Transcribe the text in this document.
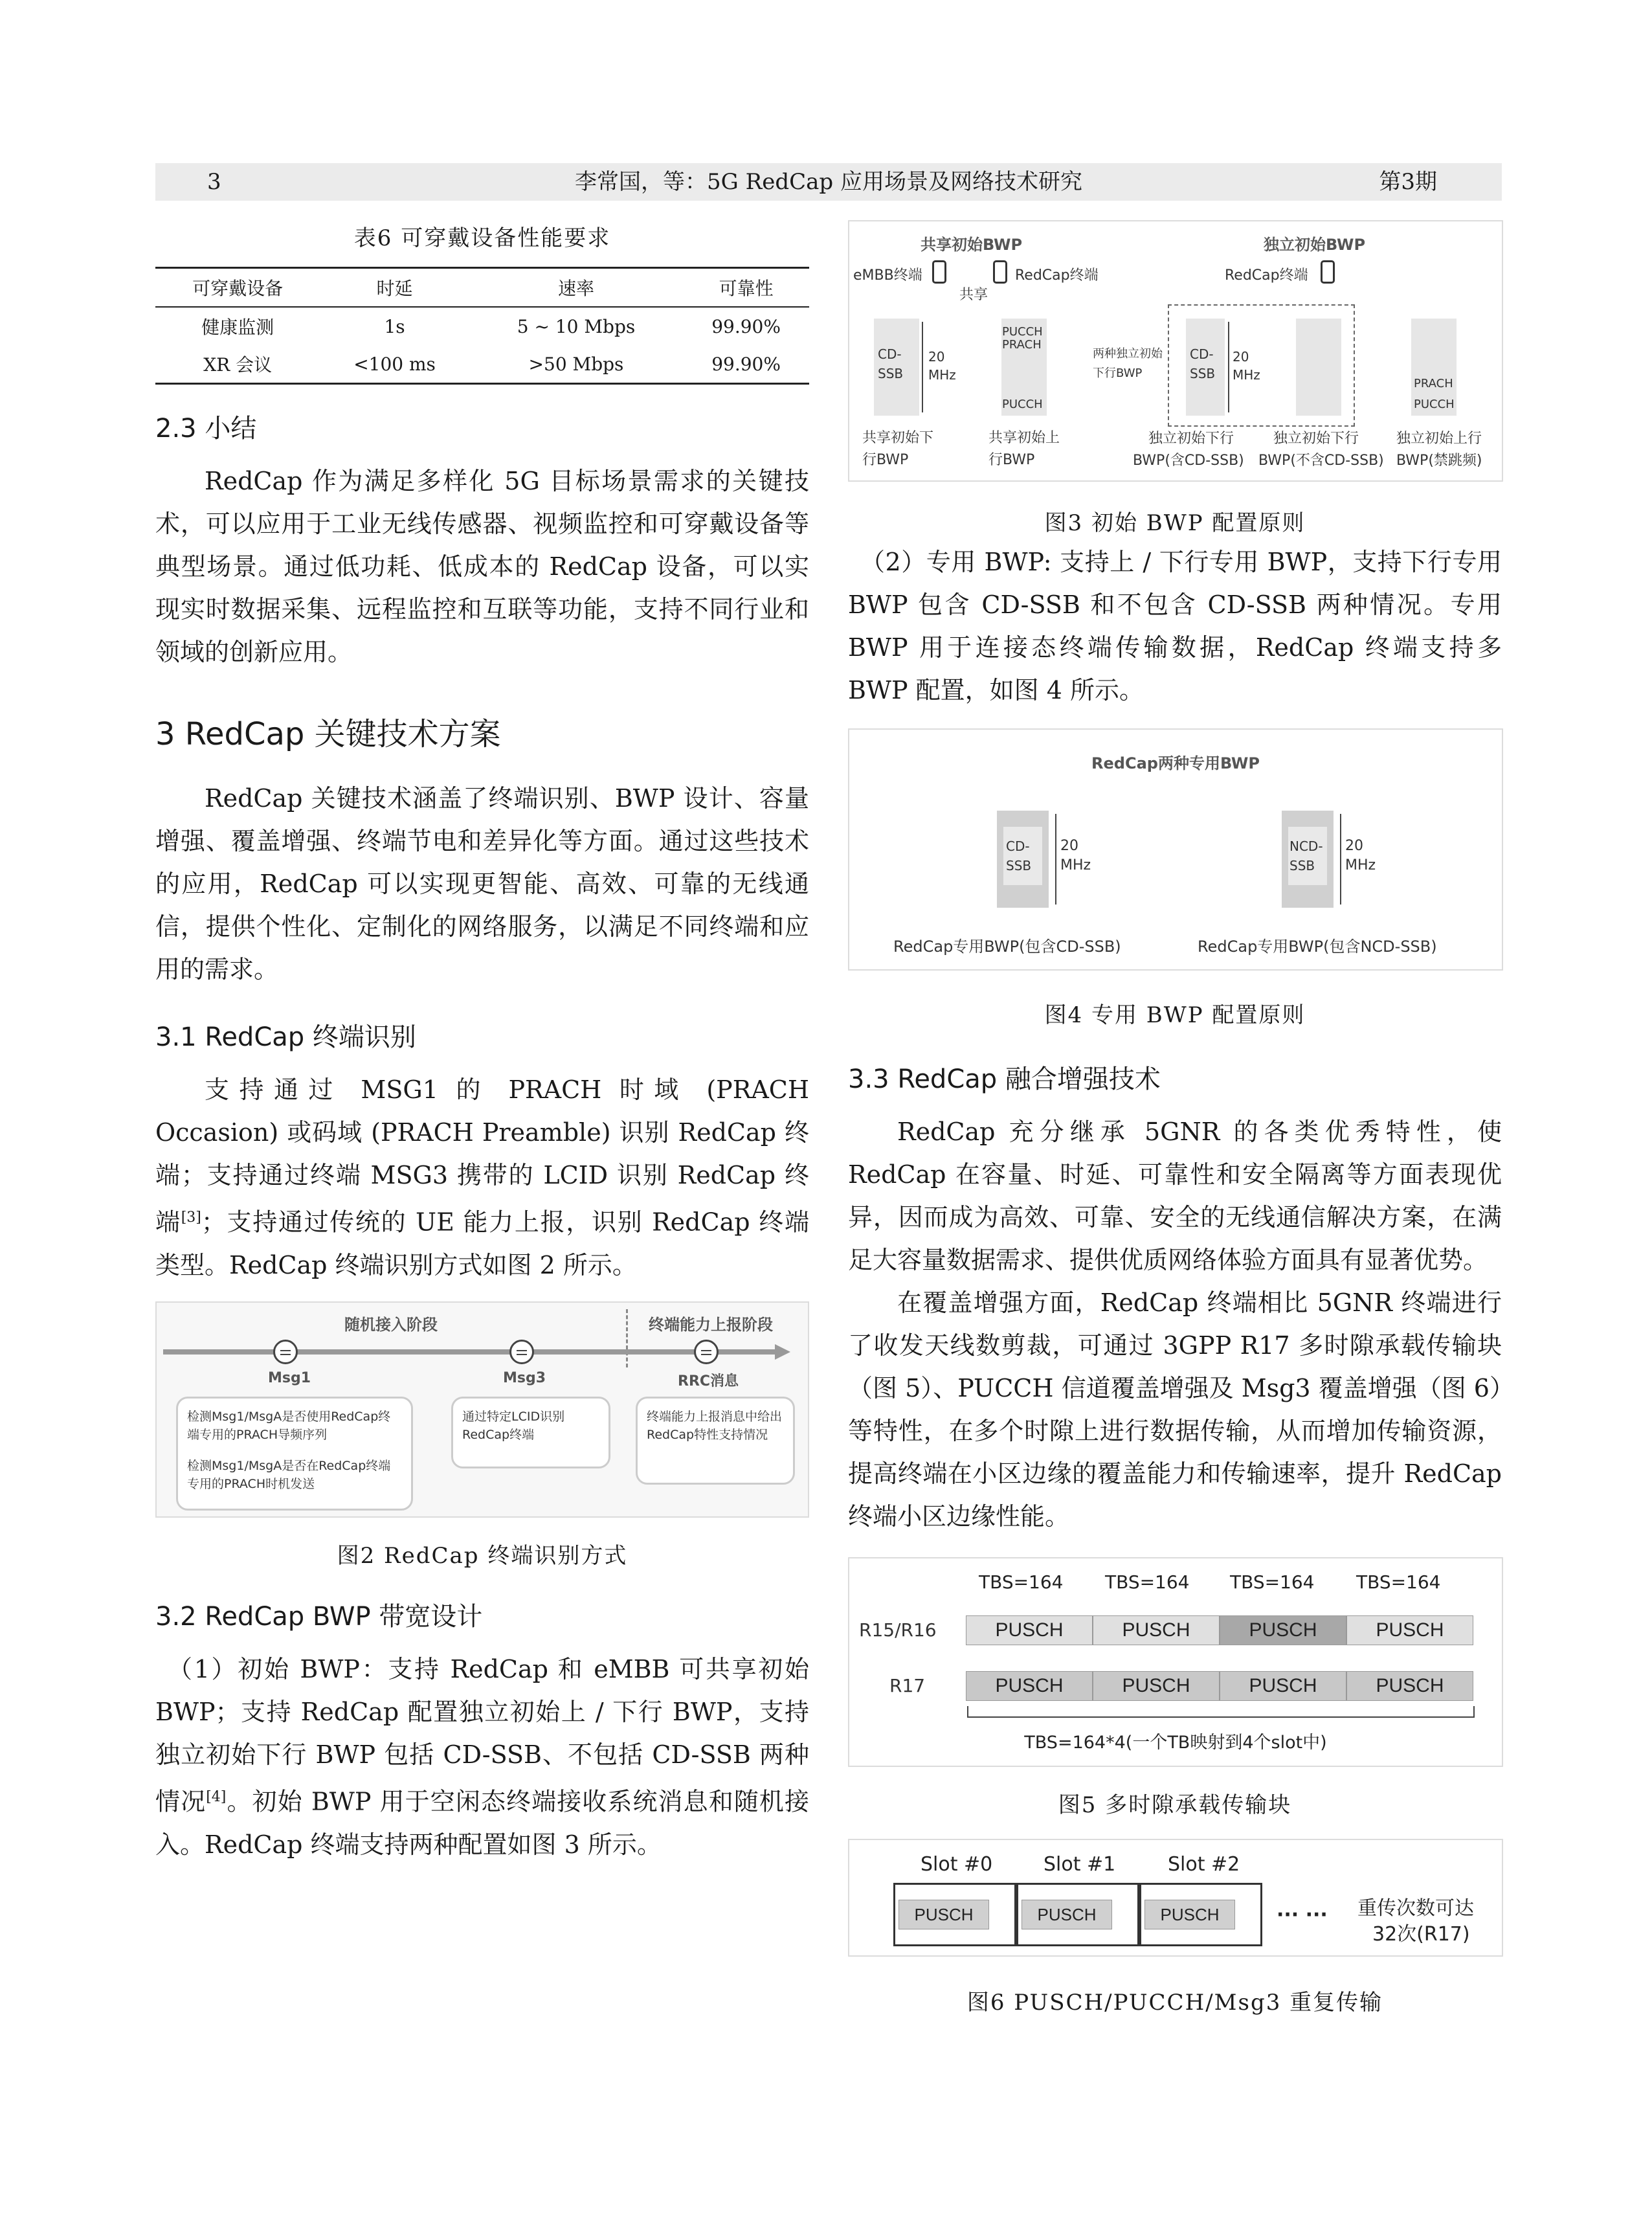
3	李常国，等：5G RedCap 应用场景及网络技术研究	第3期
表6 可穿戴设备性能要求
可穿戴设备	时延	速率	可靠性
健康监测	1s	5 ~ 10 Mbps	99.90%
XR 会议	<100 ms	>50 Mbps	99.90%
2.3 小结

RedCap 作为满足多样化 5G 目标场景需求的关键技术，可以应用于工业无线传感器、视频监控和可穿戴设备等典型场景。通过低功耗、低成本的 RedCap 设备，可以实现实时数据采集、远程监控和互联等功能，支持不同行业和领域的创新应用。

3 RedCap 关键技术方案

RedCap 关键技术涵盖了终端识别、BWP 设计、容量增强、覆盖增强、终端节电和差异化等方面。通过这些技术的应用，RedCap 可以实现更智能、高效、可靠的无线通信，提供个性化、定制化的网络服务，以满足不同终端和应用的需求。

3.1 RedCap 终端识别

支持通过 MSG1 的 PRACH 时域 (PRACH Occasion) 或码域 (PRACH Preamble) 识别 RedCap 终端；支持通过终端 MSG3 携带的 LCID 识别 RedCap 终端[3]；支持通过传统的 UE 能力上报，识别 RedCap 终端类型。RedCap 终端识别方式如图 2 所示。

随机接入阶段	终端能力上报阶段
Msg1	Msg3	RRC消息
检测Msg1/MsgA是否使用RedCap终端专用的PRACH导频序列
检测Msg1/MsgA是否在RedCap终端专用的PRACH时机发送
通过特定LCID识别RedCap终端
终端能力上报消息中给出RedCap特性支持情况
图2 RedCap 终端识别方式
3.2 RedCap BWP 带宽设计

（1）初始 BWP：支持 RedCap 和 eMBB 可共享初始 BWP；支持 RedCap 配置独立初始上 / 下行 BWP，支持独立初始下行 BWP 包括 CD-SSB、不包括 CD-SSB 两种情况[4]。初始 BWP 用于空闲态终端接收系统消息和随机接入。RedCap 终端支持两种配置如图 3 所示。

共享初始BWP	独立初始BWP
eMBB终端	RedCap终端
共享
RedCap终端
CD-SSB
20 MHz
PUCCH
PRACH
PUCCH
两种独立初始下行BWP
CD-SSB
20 MHz
PRACH
PUCCH
共享初始下行BWP
共享初始上行BWP
独立初始下行
BWP(含CD-SSB)
独立初始下行
BWP(不含CD-SSB)
独立初始上行
BWP(禁跳频)
图3 初始 BWP 配置原则

（2）专用 BWP: 支持上 / 下行专用 BWP，支持下行专用 BWP 包含 CD-SSB 和不包含 CD-SSB 两种情况。专用 BWP 用于连接态终端传输数据，RedCap 终端支持多 BWP 配置，如图 4 所示。

RedCap两种专用BWP
CD-SSB
20 MHz
NCD-SSB
20 MHz
RedCap专用BWP(包含CD-SSB)	RedCap专用BWP(包含NCD-SSB)
图4 专用 BWP 配置原则
3.3 RedCap 融合增强技术

RedCap 充分继承 5GNR 的各类优秀特性，使 RedCap 在容量、时延、可靠性和安全隔离等方面表现优异，因而成为高效、可靠、安全的无线通信解决方案，在满足大容量数据需求、提供优质网络体验方面具有显著优势。

在覆盖增强方面，RedCap 终端相比 5GNR 终端进行了收发天线数剪裁，可通过 3GPP R17 多时隙承载传输块（图 5）、PUCCH 信道覆盖增强及 Msg3 覆盖增强（图 6）等特性，在多个时隙上进行数据传输，从而增加传输资源，提高终端在小区边缘的覆盖能力和传输速率，提升 RedCap 终端小区边缘性能。

TBS=164 TBS=164 TBS=164 TBS=164
R15/R16	PUSCH	PUSCH	PUSCH	PUSCH
R17	PUSCH	PUSCH	PUSCH	PUSCH
TBS=164*4(一个TB映射到4个slot中)
图5 多时隙承载传输块
Slot #0	Slot #1	Slot #2
PUSCH	PUSCH	PUSCH	··· ··· 重传次数可达
32次(R17)
图6 PUSCH/PUCCH/Msg3 重复传输
